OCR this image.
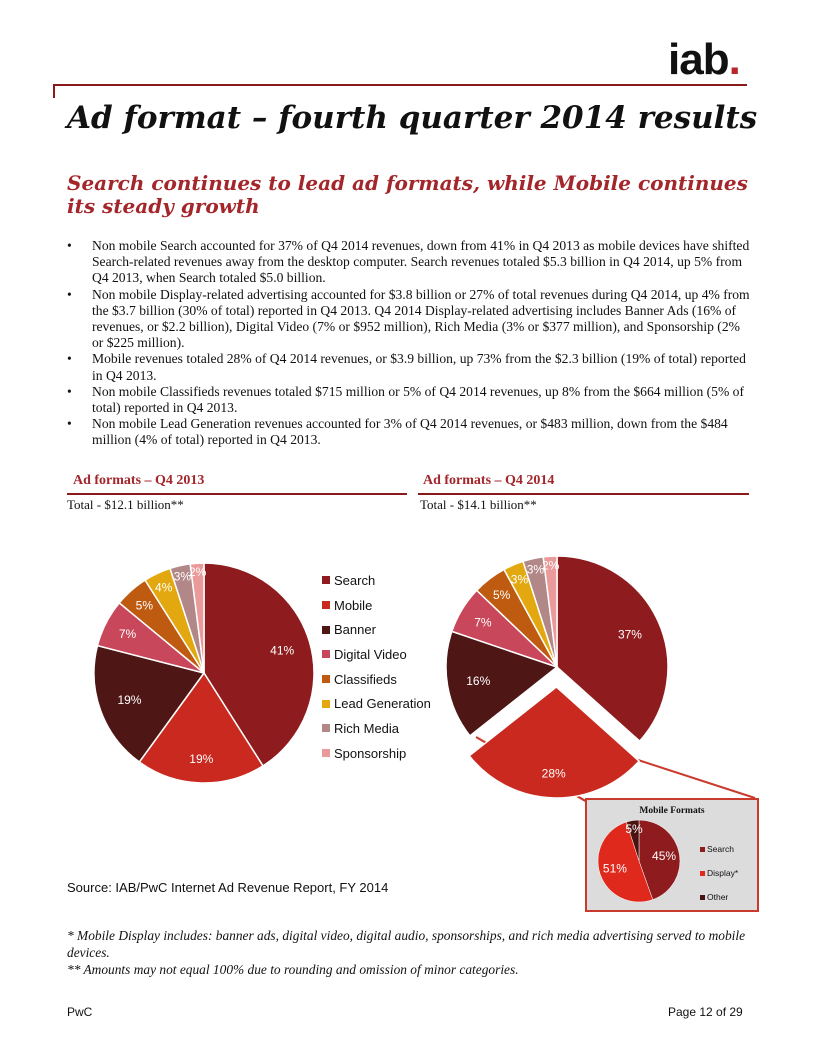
iab.
Ad format – fourth quarter 2014 results
Search continues to lead ad formats, while Mobile continues its steady growth
• Non mobile Search accounted for 37% of Q4 2014 revenues, down from 41% in Q4 2013 as mobile devices have shifted Search-related revenues away from the desktop computer. Search revenues totaled $5.3 billion in Q4 2014, up 5% from Q4 2013, when Search totaled $5.0 billion.
• Non mobile Display-related advertising accounted for $3.8 billion or 27% of total revenues during Q4 2014, up 4% from the $3.7 billion (30% of total) reported in Q4 2013. Q4 2014 Display-related advertising includes Banner Ads (16% of revenues, or $2.2 billion), Digital Video (7% or $952 million), Rich Media (3% or $377 million), and Sponsorship (2% or $225 million).
• Mobile revenues totaled 28% of Q4 2014 revenues, or $3.9 billion, up 73% from the $2.3 billion (19% of total) reported in Q4 2013.
• Non mobile Classifieds revenues totaled $715 million or 5% of Q4 2014 revenues, up 8% from the $664 million (5% of total) reported in Q4 2013.
• Non mobile Lead Generation revenues accounted for 3% of Q4 2014 revenues, or $483 million, down from the $484 million (4% of total) reported in Q4 2013.
Ad formats – Q4 2013
Total - $12.1 billion**
Ad formats – Q4 2014
Total - $14.1 billion**
41%
19%
19%
7%
5%
4%
3%
2%
37%
28%
16%
7%
5%
3%
3%
2%
Search
Mobile
Banner
Digital Video
Classifieds
Lead Generation
Rich Media
Sponsorship
Mobile Formats
45%
51%
5%
Search
Display*
Other
Source: IAB/PwC Internet Ad Revenue Report, FY 2014
* Mobile Display includes: banner ads, digital video, digital audio, sponsorships, and rich media advertising served to mobile devices.
** Amounts may not equal 100% due to rounding and omission of minor categories.
PwC	Page 12 of 29
